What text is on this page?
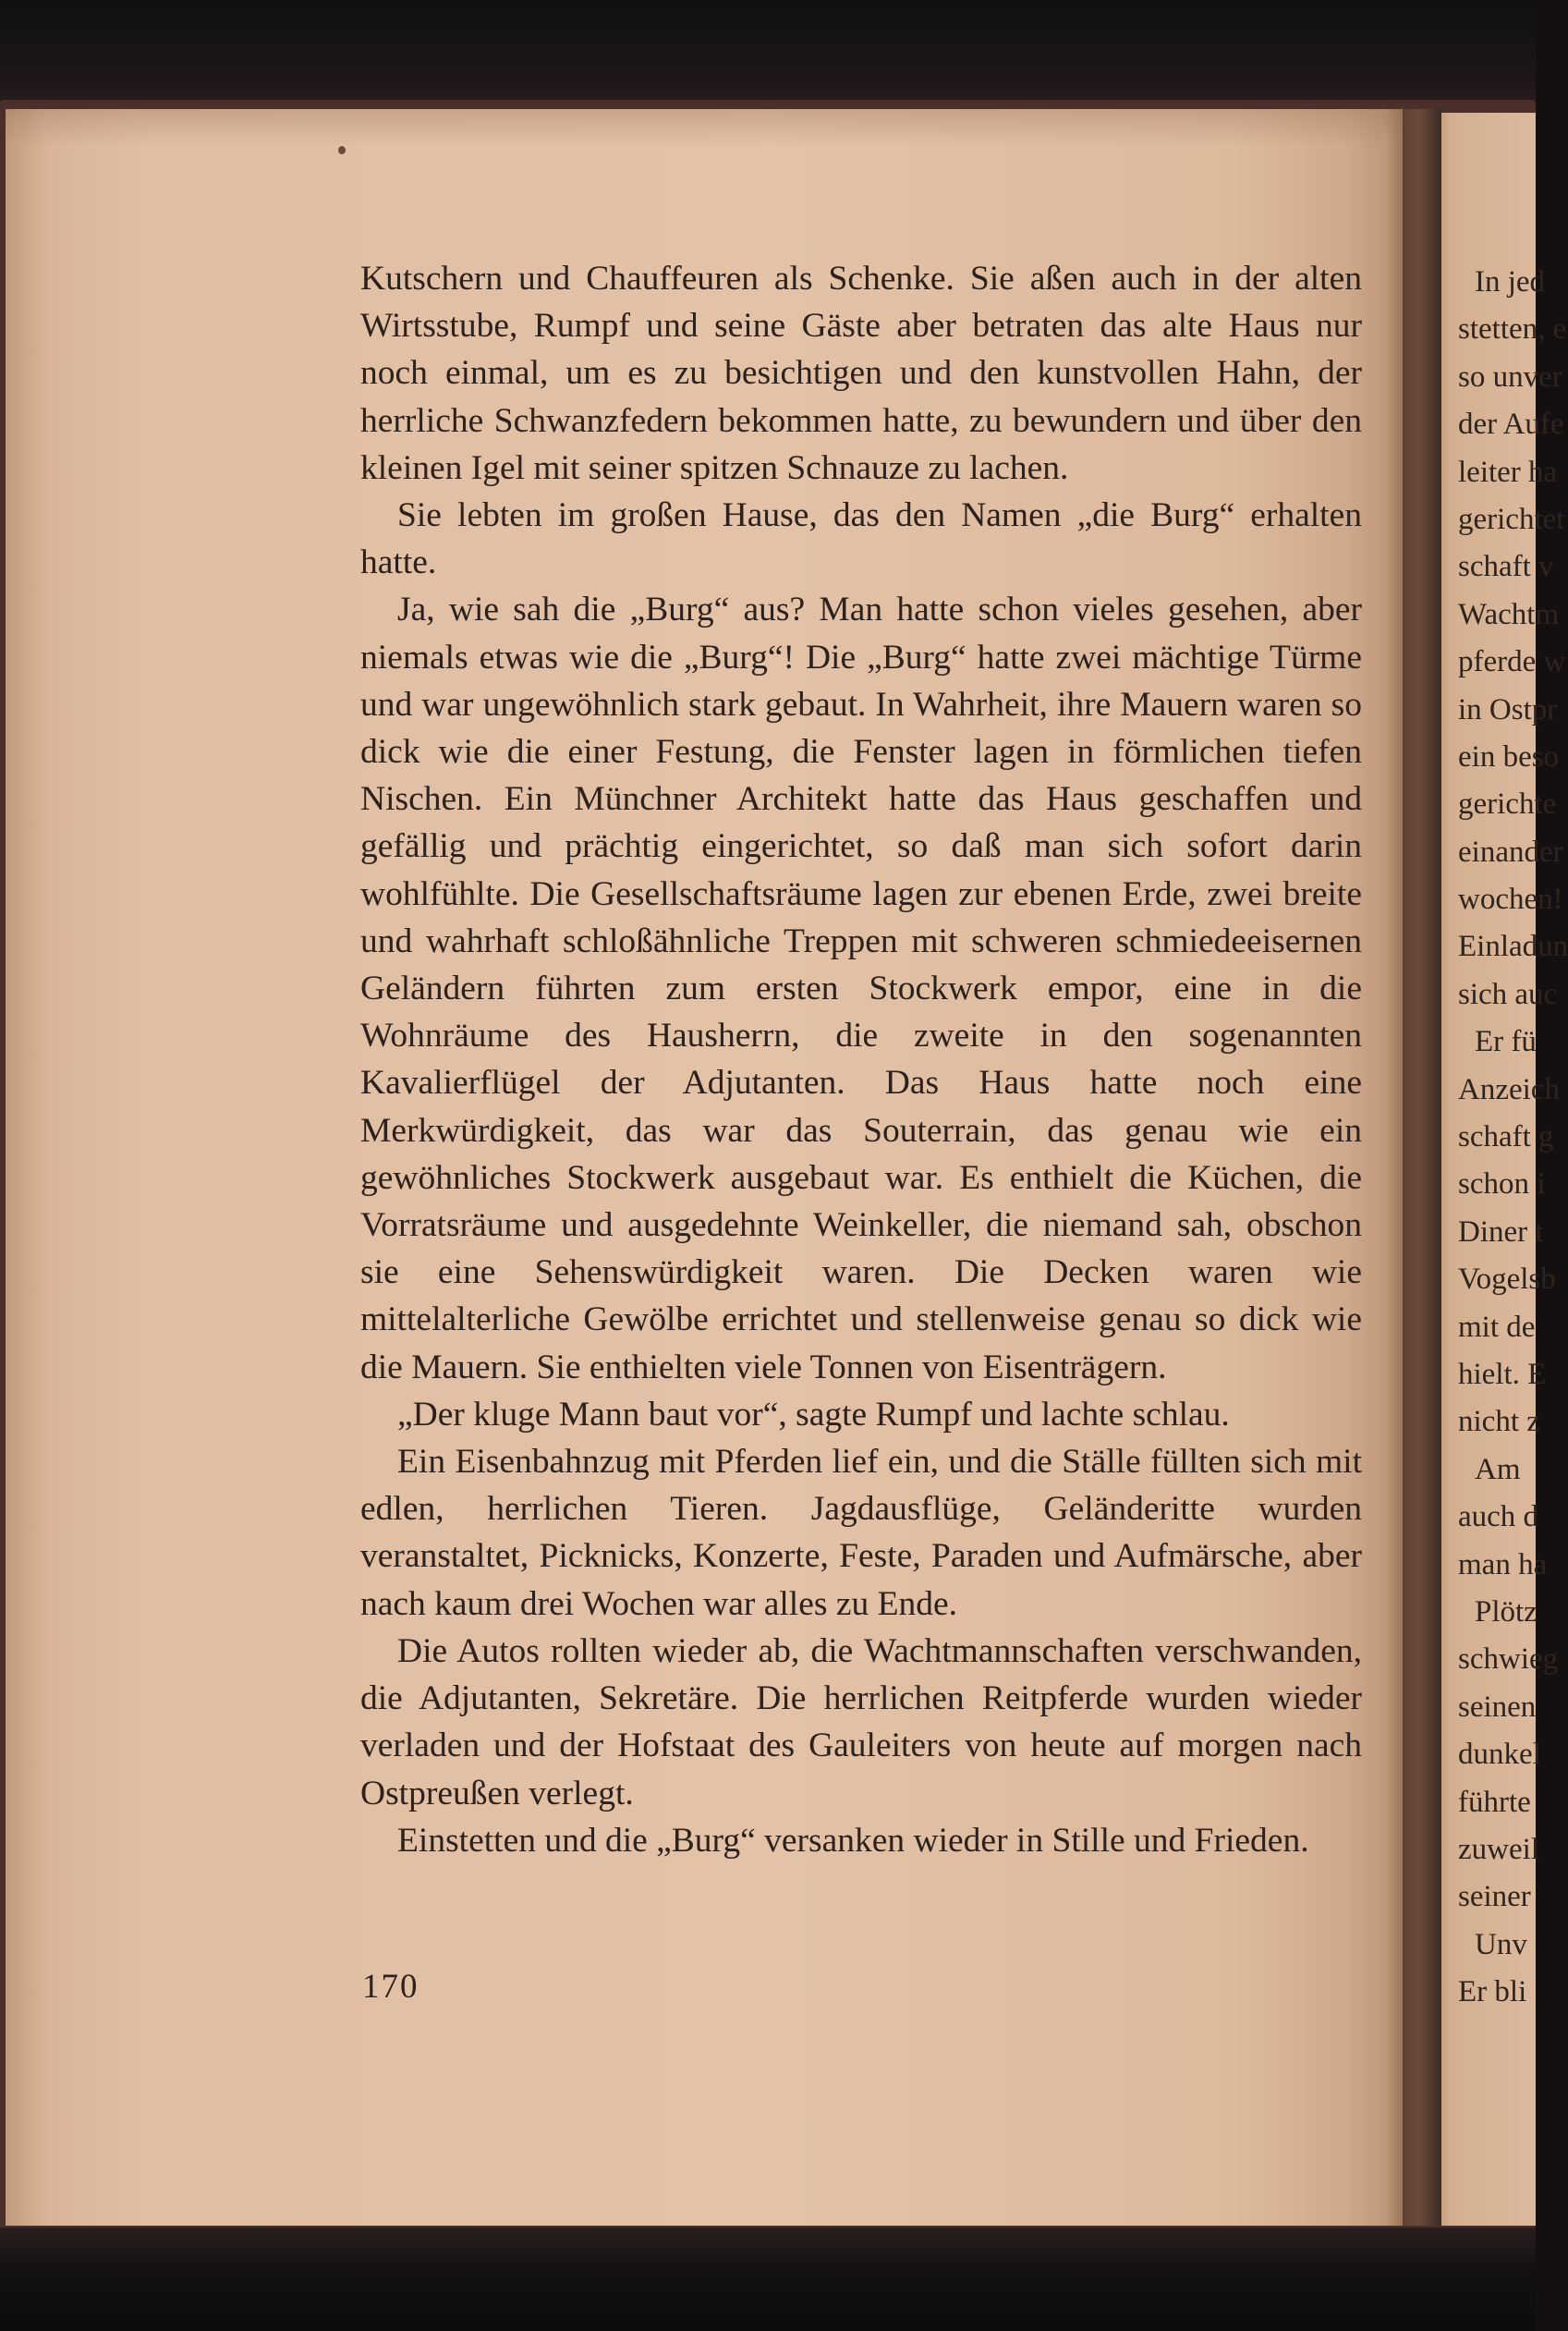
Kutschern und Chauffeuren als Schenke. Sie aßen auch in der alten Wirtsstube, Rumpf und seine Gäste aber betraten das alte Haus nur noch einmal, um es zu besichtigen und den kunstvollen Hahn, der herrliche Schwanzfedern bekommen hatte, zu bewundern und über den kleinen Igel mit seiner spitzen Schnauze zu lachen.

Sie lebten im großen Hause, das den Namen „die Burg“ erhalten hatte.

Ja, wie sah die „Burg“ aus? Man hatte schon vieles gesehen, aber niemals etwas wie die „Burg“! Die „Burg“ hatte zwei mächtige Türme und war ungewöhnlich stark gebaut. In Wahrheit, ihre Mauern waren so dick wie die einer Festung, die Fenster lagen in förmlichen tiefen Nischen. Ein Münchner Architekt hatte das Haus geschaffen und gefällig und prächtig eingerichtet, so daß man sich sofort darin wohlfühlte. Die Gesellschaftsräume lagen zur ebenen Erde, zwei breite und wahrhaft schloßähnliche Treppen mit schweren schmiedeeisernen Geländern führten zum ersten Stockwerk empor, eine in die Wohnräume des Hausherrn, die zweite in den sogenannten Kavalierflügel der Adjutanten. Das Haus hatte noch eine Merkwürdigkeit, das war das Souterrain, das genau wie ein gewöhnliches Stockwerk ausgebaut war. Es enthielt die Küchen, die Vorratsräume und ausgedehnte Weinkeller, die niemand sah, obschon sie eine Sehenswürdigkeit waren. Die Decken waren wie mittelalterliche Gewölbe errichtet und stellenweise genau so dick wie die Mauern. Sie enthielten viele Tonnen von Eisenträgern.

„Der kluge Mann baut vor“, sagte Rumpf und lachte schlau.

Ein Eisenbahnzug mit Pferden lief ein, und die Ställe füllten sich mit edlen, herrlichen Tieren. Jagdausflüge, Geländeritte wurden veranstaltet, Picknicks, Konzerte, Feste, Paraden und Aufmärsche, aber nach kaum drei Wochen war alles zu Ende.

Die Autos rollten wieder ab, die Wachtmannschaften verschwanden, die Adjutanten, Sekretäre. Die herrlichen Reitpferde wurden wieder verladen und der Hofstaat des Gauleiters von heute auf morgen nach Ostpreußen verlegt.

Einstetten und die „Burg“ versanken wieder in Stille und Frieden.

170
In jed
stetten, e
so unver
der Aufe
leiter ha
gerichtet
schaft v
Wachtm
pferde w
in Ostpr
ein beso
gerichte
einander
wochen!
Einladun
sich auc
Er fü
Anzeich
schaft g
schon i
Diner t
Vogelsb
mit de
hielt. E
nicht z
Am
auch d
man ha
Plötz
schwieg
seinen
dunkel
führte
zuweil
seiner
Unv
Er bli
